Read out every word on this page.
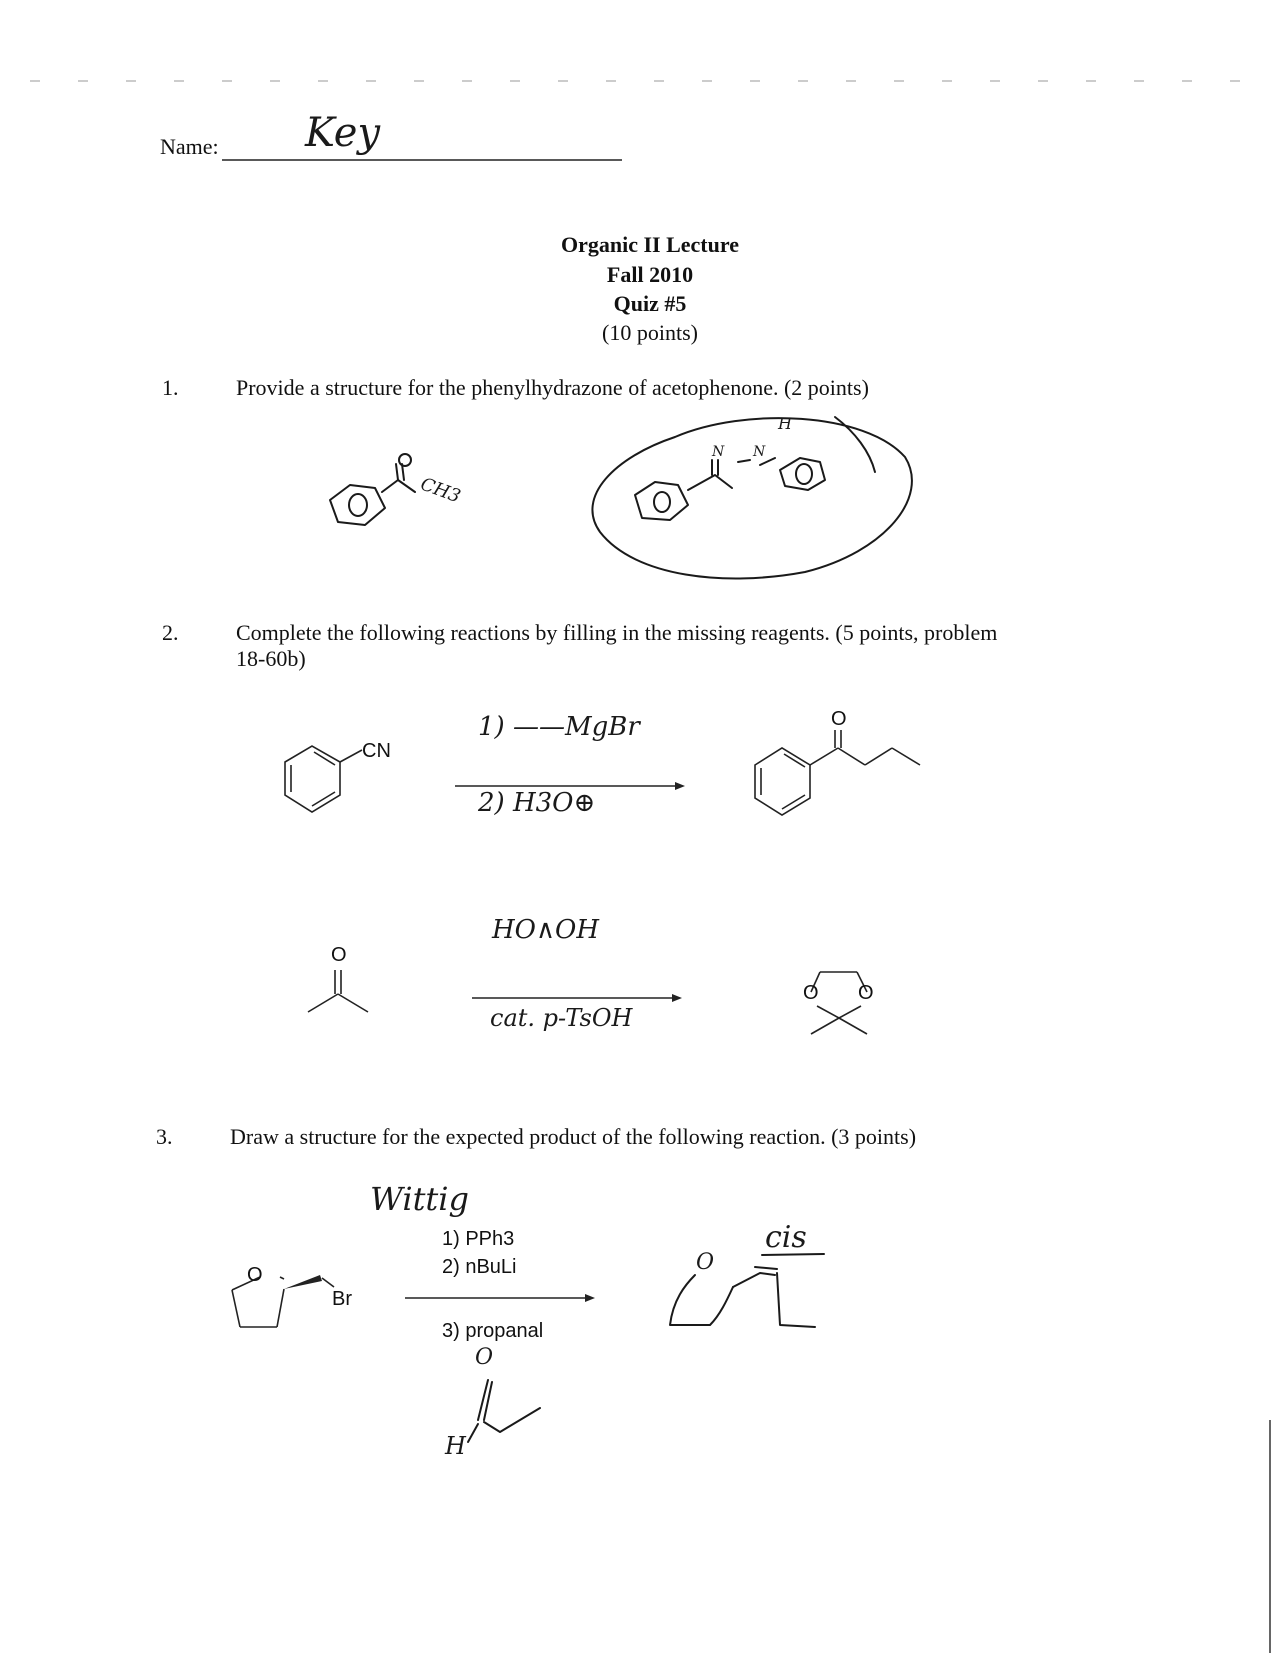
Name: Key
Organic II Lecture
Fall 2010
Quiz #5
(10 points)
1.	Provide a structure for the phenylhydrazone of acetophenone. (2 points)
CH3
N N
H
2.	Complete the following reactions by filling in the missing reagents. (5 points, problem
18-60b)
CN
1) ——MgBr
2) H3O⊕
O
O
HO∧OH
cat. p-TsOH
O O
3.	Draw a structure for the expected product of the following reaction. (3 points)
Wittig
O
Br
1) PPh3
2) nBuLi
3) propanal
O
H
cis
O
